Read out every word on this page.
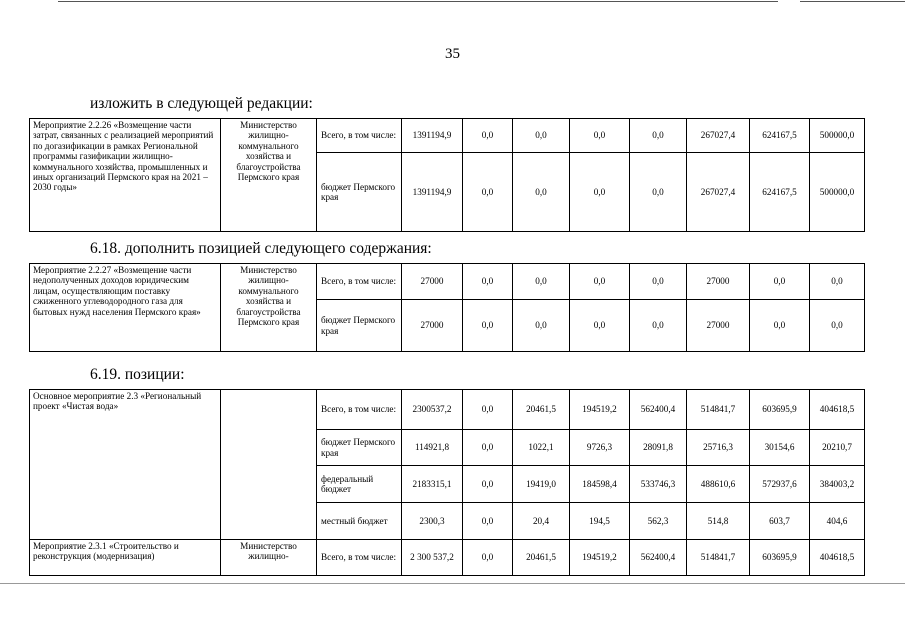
35
изложить в следующей редакции:
Мероприятие 2.2.26 «Возмещение части затрат, связанных с реализацией мероприятий по догазификации в рамках Региональной программы газификации жилищно-коммунального хозяйства, промышленных и иных организаций Пермского края на 2021 – 2030 годы»	Министерство жилищно-коммунального хозяйства и благоустройства Пермского края	Всего, в том числе:	1391194,9	0,0	0,0	0,0	0,0	267027,4	624167,5	500000,0
		бюджет Пермского края	1391194,9	0,0	0,0	0,0	0,0	267027,4	624167,5	500000,0
6.18. дополнить позицией следующего содержания:
Мероприятие 2.2.27 «Возмещение части недополученных доходов юридическим лицам, осуществляющим поставку сжиженного углеводородного газа для бытовых нужд населения Пермского края»	Министерство жилищно-коммунального хозяйства и благоустройства Пермского края	Всего, в том числе:	27000	0,0	0,0	0,0	0,0	27000	0,0	0,0
		бюджет Пермского края	27000	0,0	0,0	0,0	0,0	27000	0,0	0,0
6.19. позиции:
Основное мероприятие 2.3 «Региональный проект «Чистая вода»		Всего, в том числе:	2300537,2	0,0	20461,5	194519,2	562400,4	514841,7	603695,9	404618,5
		бюджет Пермского края	114921,8	0,0	1022,1	9726,3	28091,8	25716,3	30154,6	20210,7
		федеральный бюджет	2183315,1	0,0	19419,0	184598,4	533746,3	488610,6	572937,6	384003,2
		местный бюджет	2300,3	0,0	20,4	194,5	562,3	514,8	603,7	404,6
Мероприятие 2.3.1 «Строительство и реконструкция (модернизация)	Министерство жилищно-	Всего, в том числе:	2 300 537,2	0,0	20461,5	194519,2	562400,4	514841,7	603695,9	404618,5
